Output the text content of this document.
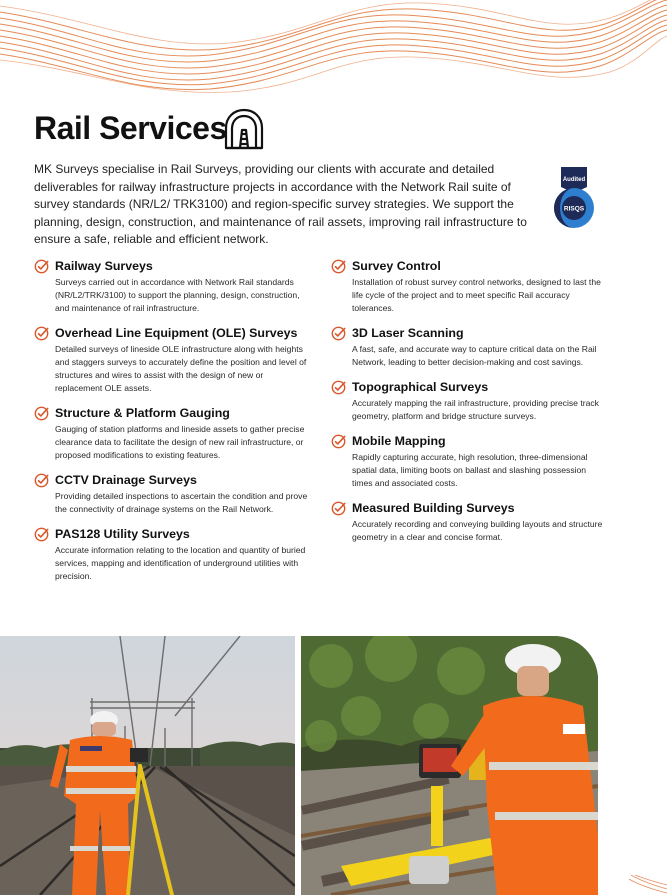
Rail Services

MK Surveys specialise in Rail Surveys, providing our clients with accurate and detailed deliverables for railway infrastructure projects in accordance with the Network Rail suite of survey standards (NR/L2/ TRK3100) and region-specific survey strategies. We support the planning, design, construction, and maintenance of rail assets, improving rail infrastructure to ensure a safe, reliable and efficient network.

Audited
RISQS
Railway Surveys

Surveys carried out in accordance with Network Rail standards (NR/L2/TRK/3100) to support the planning, design, construction, and maintenance of rail infrastructure.

Overhead Line Equipment (OLE) Surveys

Detailed surveys of lineside OLE infrastructure along with heights and staggers surveys to accurately define the position and level of structures and wires to assist with the design of new or replacement OLE assets.

Structure & Platform Gauging

Gauging of station platforms and lineside assets to gather precise clearance data to facilitate the design of new rail infrastructure, or proposed modifications to existing features.

CCTV Drainage Surveys

Providing detailed inspections to ascertain the condition and prove the connectivity of drainage systems on the Rail Network.

PAS128 Utility Surveys

Accurate information relating to the location and quantity of buried services, mapping and identification of underground utilities with precision.

Survey Control

Installation of robust survey control networks, designed to last the life cycle of the project and to meet specific Rail accuracy tolerances.

3D Laser Scanning

A fast, safe, and accurate way to capture critical data on the Rail Network, leading to better decision-making and cost savings.

Topographical Surveys

Accurately mapping the rail infrastructure, providing precise track geometry, platform and bridge structure surveys.

Mobile Mapping

Rapidly capturing accurate, high resolution, three-dimensional spatial data, limiting boots on ballast and slashing possession times and associated costs.

Measured Building Surveys

Accurately recording and conveying building layouts and structure geometry in a clear and concise format.
